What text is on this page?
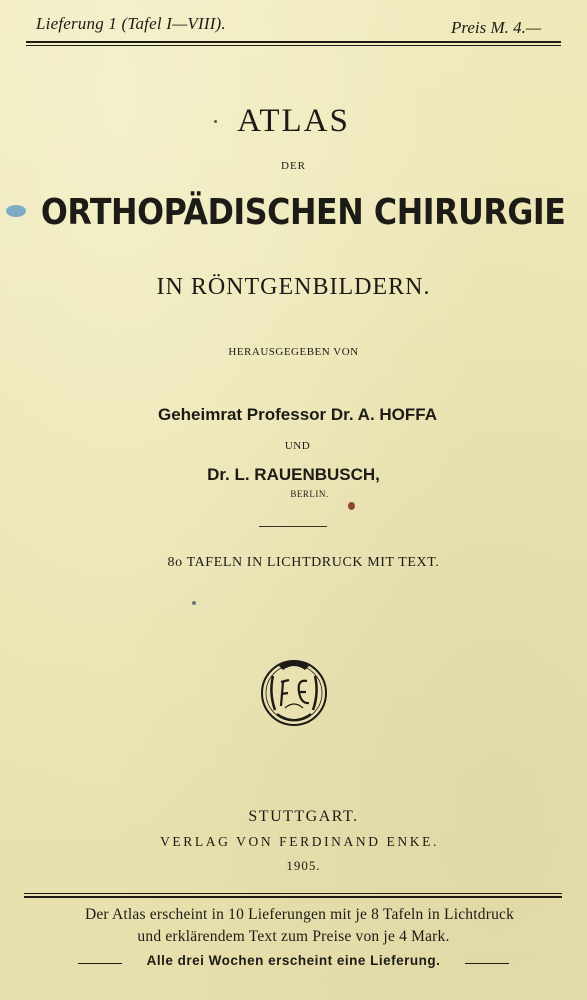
Lieferung 1 (Tafel I—VIII).	Preis M. 4.—
ATLAS
DER
ORTHOPÄDISCHEN CHIRURGIE
IN RÖNTGENBILDERN.
HERAUSGEGEBEN VON
Geheimrat Professor Dr. A. HOFFA
UND
Dr. L. RAUENBUSCH,
BERLIN.
8o TAFELN IN LICHTDRUCK MIT TEXT.
STUTTGART.
VERLAG VON FERDINAND ENKE.
1905.
Der Atlas erscheint in 10 Lieferungen mit je 8 Tafeln in Lichtdruck
und erklärendem Text zum Preise von je 4 Mark.
Alle drei Wochen erscheint eine Lieferung.
